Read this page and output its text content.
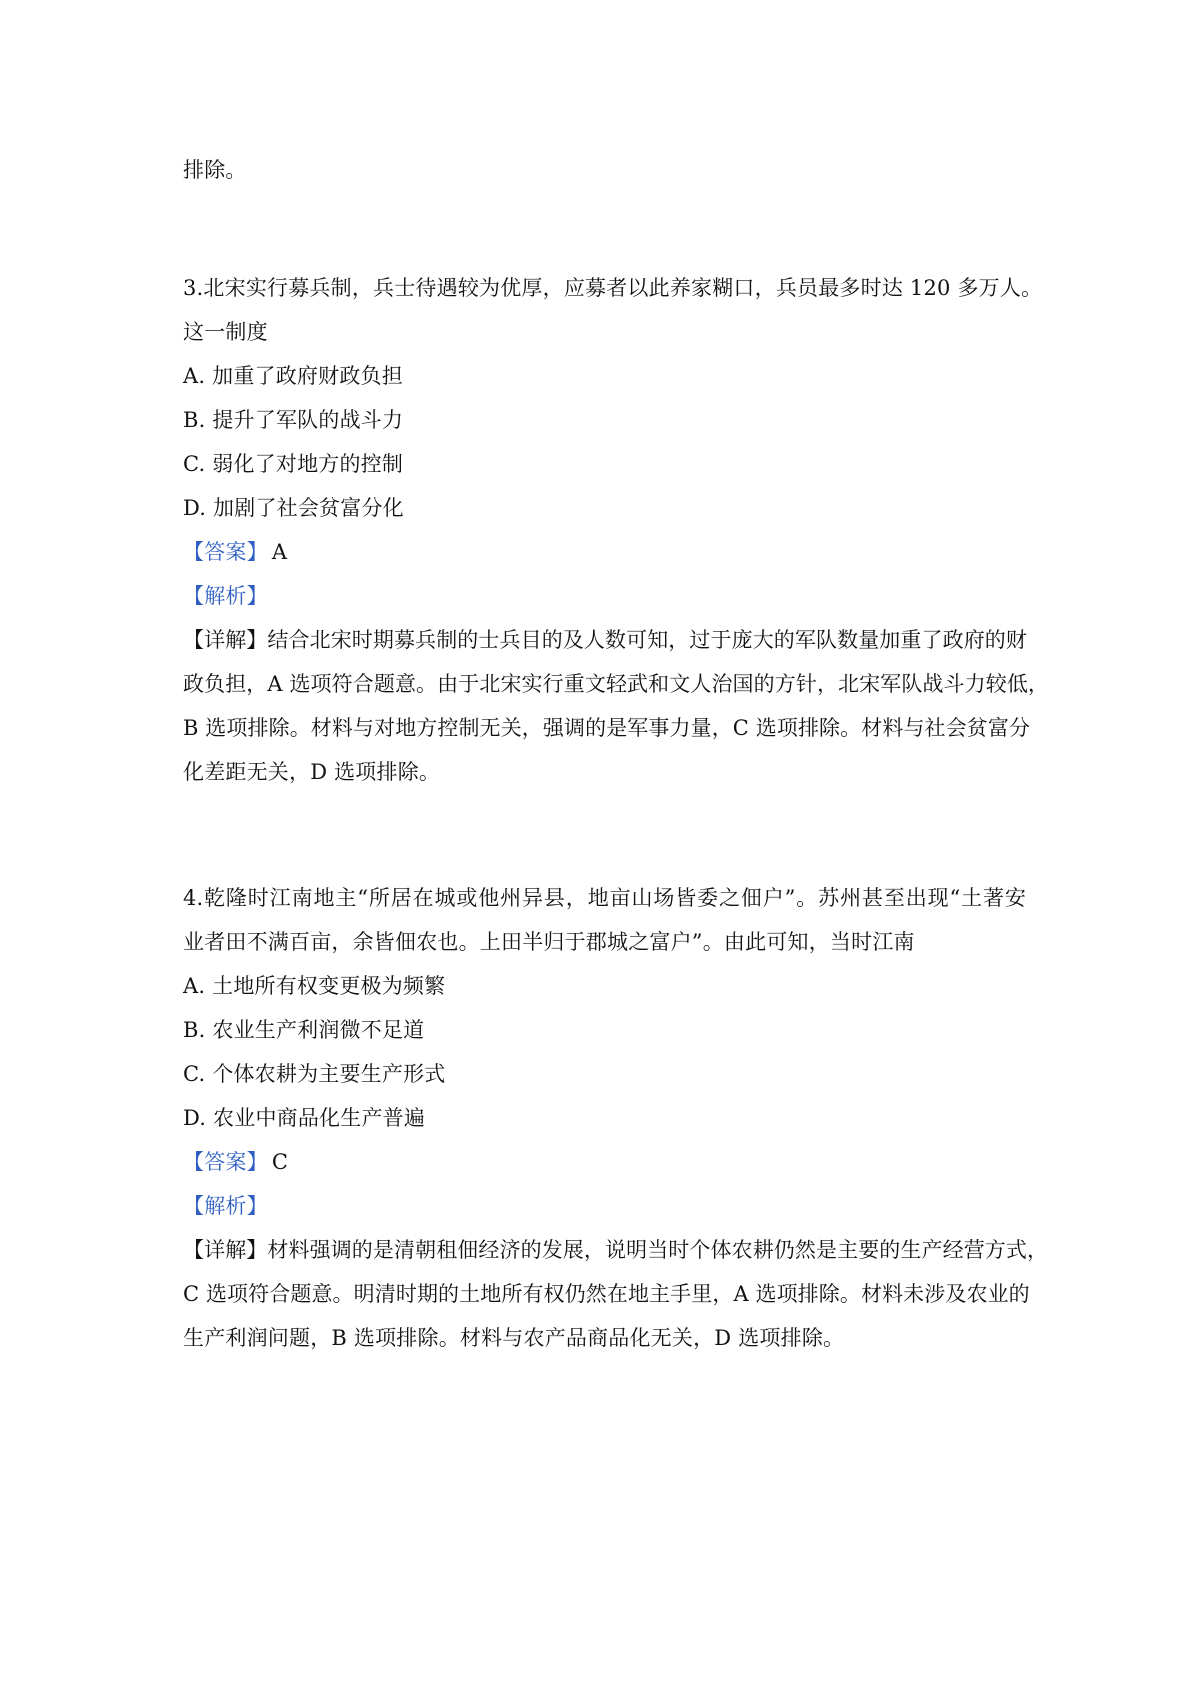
排除。
3.北宋实行募兵制，兵士待遇较为优厚，应募者以此养家糊口，兵员最多时达 120 多万人。
这一制度
A. 加重了政府财政负担
B. 提升了军队的战斗力
C. 弱化了对地方的控制
D. 加剧了社会贫富分化
【答案】 A
【解析】
【详解】结合北宋时期募兵制的士兵目的及人数可知，过于庞大的军队数量加重了政府的财
政负担，A 选项符合题意。由于北宋实行重文轻武和文人治国的方针，北宋军队战斗力较低，
B 选项排除。材料与对地方控制无关，强调的是军事力量，C 选项排除。材料与社会贫富分
化差距无关，D 选项排除。
4.乾隆时江南地主“所居在城或他州异县，地亩山场皆委之佃户”。苏州甚至出现“土著安
业者田不满百亩，余皆佃农也。上田半归于郡城之富户”。由此可知，当时江南
A. 土地所有权变更极为频繁
B. 农业生产利润微不足道
C. 个体农耕为主要生产形式
D. 农业中商品化生产普遍
【答案】 C
【解析】
【详解】材料强调的是清朝租佃经济的发展，说明当时个体农耕仍然是主要的生产经营方式，
C 选项符合题意。明清时期的土地所有权仍然在地主手里，A 选项排除。材料未涉及农业的
生产利润问题，B 选项排除。材料与农产品商品化无关，D 选项排除。
